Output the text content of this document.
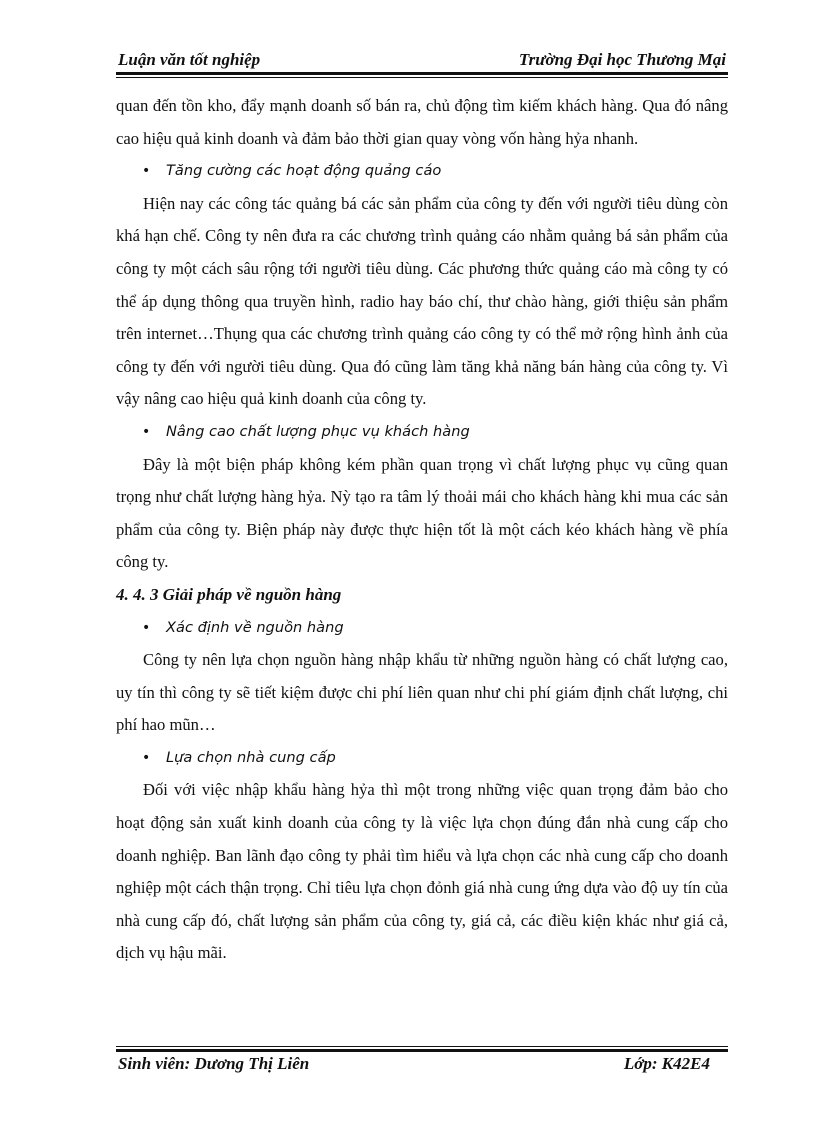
Luận văn tốt nghiệp	Trường Đại học Thương Mại

quan đến tồn kho, đẩy mạnh doanh số bán ra, chủ động tìm kiếm khách hàng. Qua đó nâng cao hiệu quả kinh doanh và đảm bảo thời gian quay vòng vốn hàng hỷa nhanh.

• Tăng cường các hoạt động quảng cáo

Hiện nay các công tác quảng bá các sản phẩm của công ty đến với người tiêu dùng còn khá hạn chế. Công ty nên đưa ra các chương trình quảng cáo nhằm quảng bá sản phẩm của công ty một cách sâu rộng tới người tiêu dùng. Các phương thức quảng cáo mà công ty có thể áp dụng thông qua truyền hình, radio hay báo chí, thư chào hàng, giới thiệu sản phẩm trên internet…Thụng qua các chương trình quảng cáo công ty có thể mở rộng hình ảnh của công ty đến với người tiêu dùng. Qua đó cũng làm tăng khả năng bán hàng của công ty. Vì vậy nâng cao hiệu quả kinh doanh của công ty.

• Nâng cao chất lượng phục vụ khách hàng

Đây là một biện pháp không kém phần quan trọng vì chất lượng phục vụ cũng quan trọng như chất lượng hàng hỷa. Nỳ tạo ra tâm lý thoải mái cho khách hàng khi mua các sản phẩm của công ty. Biện pháp này được thực hiện tốt là một cách kéo khách hàng về phía công ty.

4. 4. 3 Giải pháp về nguồn hàng

• Xác định về nguồn hàng

Công ty nên lựa chọn nguồn hàng nhập khẩu từ những nguồn hàng có chất lượng cao, uy tín thì công ty sẽ tiết kiệm được chi phí liên quan như chi phí giám định chất lượng, chi phí hao mũn…

• Lựa chọn nhà cung cấp

Đối với việc nhập khẩu hàng hỷa thì một trong những việc quan trọng đảm bảo cho hoạt động sản xuất kinh doanh của công ty là việc lựa chọn đúng đắn nhà cung cấp cho doanh nghiệp. Ban lãnh đạo công ty phải tìm hiểu và lựa chọn các nhà cung cấp cho doanh nghiệp một cách thận trọng. Chỉ tiêu lựa chọn đỏnh giá nhà cung ứng dựa vào độ uy tín của nhà cung cấp đó, chất lượng sản phẩm của công ty, giá cả, các điều kiện khác như giá cả, dịch vụ hậu mãi.

Sinh viên: Dương Thị Liên	Lớp: K42E4
